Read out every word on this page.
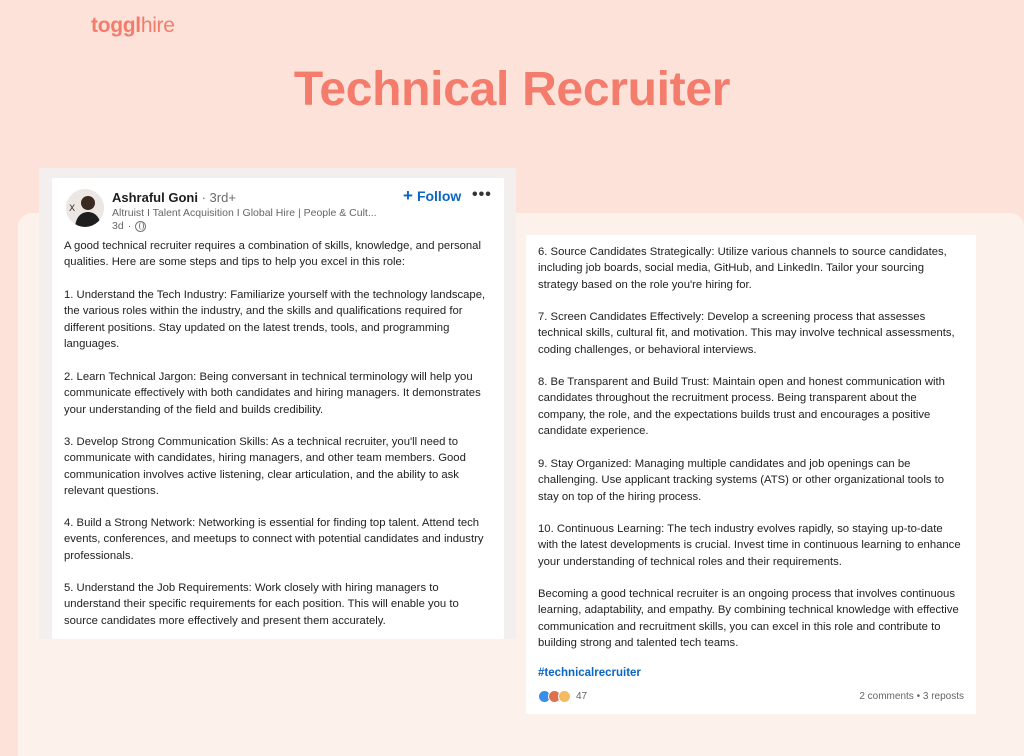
togglhire
Technical Recruiter
X
Ashraful Goni · 3rd+
Altruist I Talent Acquisition I Global Hire | People & Cult...
3d ·
+ Follow •••

A good technical recruiter requires a combination of skills, knowledge, and personal qualities. Here are some steps and tips to help you excel in this role:

1. Understand the Tech Industry: Familiarize yourself with the technology landscape, the various roles within the industry, and the skills and qualifications required for different positions. Stay updated on the latest trends, tools, and programming languages.

2. Learn Technical Jargon: Being conversant in technical terminology will help you communicate effectively with both candidates and hiring managers. It demonstrates your understanding of the field and builds credibility.

3. Develop Strong Communication Skills: As a technical recruiter, you'll need to communicate with candidates, hiring managers, and other team members. Good communication involves active listening, clear articulation, and the ability to ask relevant questions.

4. Build a Strong Network: Networking is essential for finding top talent. Attend tech events, conferences, and meetups to connect with potential candidates and industry professionals.

5. Understand the Job Requirements: Work closely with hiring managers to understand their specific requirements for each position. This will enable you to source candidates more effectively and present them accurately.

6. Source Candidates Strategically: Utilize various channels to source candidates, including job boards, social media, GitHub, and LinkedIn. Tailor your sourcing strategy based on the role you're hiring for.

7. Screen Candidates Effectively: Develop a screening process that assesses technical skills, cultural fit, and motivation. This may involve technical assessments, coding challenges, or behavioral interviews.

8. Be Transparent and Build Trust: Maintain open and honest communication with candidates throughout the recruitment process. Being transparent about the company, the role, and the expectations builds trust and encourages a positive candidate experience.

9. Stay Organized: Managing multiple candidates and job openings can be challenging. Use applicant tracking systems (ATS) or other organizational tools to stay on top of the hiring process.

10. Continuous Learning: The tech industry evolves rapidly, so staying up-to-date with the latest developments is crucial. Invest time in continuous learning to enhance your understanding of technical roles and their requirements.

Becoming a good technical recruiter is an ongoing process that involves continuous learning, adaptability, and empathy. By combining technical knowledge with effective communication and recruitment skills, you can excel in this role and contribute to building strong and talented tech teams.

#technicalrecruiter
47	2 comments • 3 reposts
